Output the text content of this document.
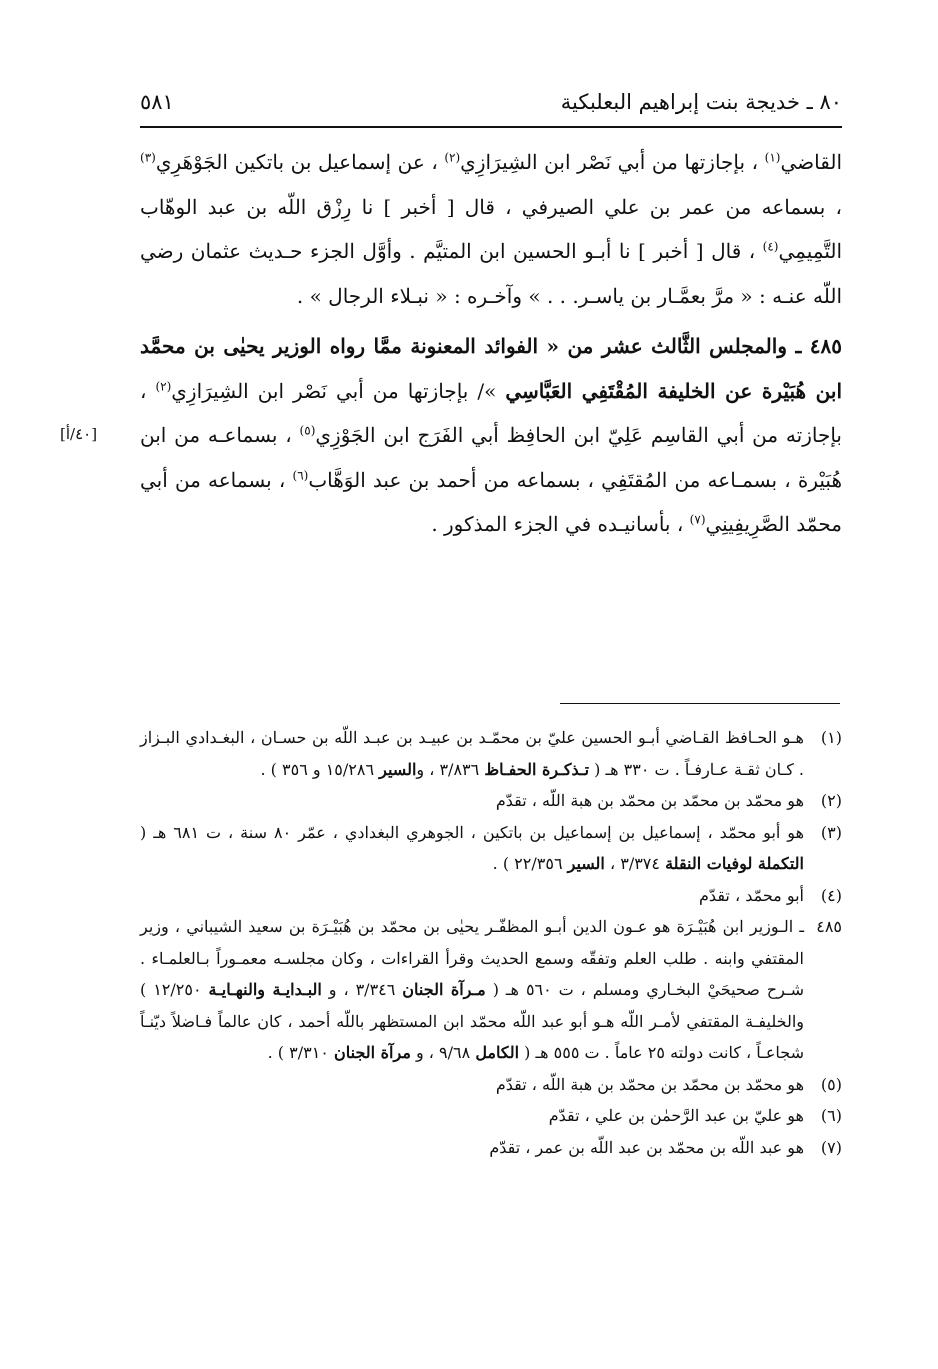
٨٠ ـ خديجة بنت إبراهيم البعلبكية
٥٨١

القاضي$^{(١)}$ ، بإجازتها من أبي نَصْر ابن الشِيرَازِي$^{(٢)}$ ، عن إسماعيل بن باتكين الجَوْهَرِي$^{(٣)}$ ، بسماعه من عمر بن علي الصيرفي ، قال [ أخبر ] نا رِزْق اللّه بن عبد الوهّاب التَّمِيمِي$^{(٤)}$ ، قال [ أخبر ] نا أبـو الحسين ابن المتيَّم . وأوَّل الجزء حـديث عثمان رضي اللّه عنـه : « مرَّ بعمَّـار بن ياسـر. . . » وآخـره : « نبـلاء الرجال » .

٤٨٥ ـ والمجلس الثَّالث عشر من « الفوائد المعنونة ممَّا رواه الوزير يحيٰى بن محمَّد ابن هُبَيْرة عن الخليفة المُقْتَفِي العَبَّاسِي »/ بإجازتها من أبي نَصْر ابن الشِيرَازِي$^{(٢)}$ ، بإجازته من أبي القاسِم عَلِيّ ابن الحافِظ أبي الفَرَج ابن الجَوْزِي$^{(٥)}$ ، بسماعـه من ابن هُبَيْرة ، بسمـاعه من المُقتَفِي ، بسماعه من أحمد بن عبد الوَهَّاب$^{(٦)}$ ، بسماعه من أبي محمّد الصَّرِيفِينِي$^{(٧)}$ ، بأسانيـده في الجزء المذكور .

[٤٠/أ]
(١)
هـو الحـافظ القـاضي أبـو الحسين عليّ بن محمّـد بن عبيـد بن عبـد اللّه بن حسـان ، البغـدادي البـزاز . كـان ثقـة عـارفـاً . ت ٣٣٠ هـ ( تـذكـرة الحفـاظ ٣/٨٣٦ ، والسير ١٥/٢٨٦ و ٣٥٦ ) .
(٢)
هو محمّد بن محمّد بن محمّد بن هبة اللّه ، تقدّم
(٣)
هو أبو محمّد ، إسماعيل بن إسماعيل بن باتكين ، الجوهري البغدادي ، عمّر ٨٠ سنة ، ت ٦٨١ هـ ( التكملة لوفيات النقلة ٣/٣٧٤ ، السير ٢٢/٣٥٦ ) .
(٤)
أبو محمّد ، تقدّم
٤٨٥
ـ الـوزير ابن هُبَيْـرَة هو عـون الدين أبـو المظفّـر يحيٰى بن محمّد بن هُبَيْـرَة بن سعيد الشيباني ، وزير المقتفي وابنه . طلب العلم وتفقّه وسمع الحديث وقرأ القراءات ، وكان مجلسـه معمـوراً بـالعلمـاء . شـرح صحيحَيْ البخـاري ومسلم ، ت ٥٦٠ هـ ( مـرآة الجنان ٣/٣٤٦ ، و البـدايـة والنهـايـة ١٢/٢٥٠ ) والخليفـة المقتفي لأمـر اللّه هـو أبو عبد اللّه محمّد ابن المستظهر باللّه أحمد ، كان عالماً فـاضلاً ديّنـاً شجاعـاً ، كانت دولته ٢٥ عاماً . ت ٥٥٥ هـ ( الكامل ٩/٦٨ ، و مرآة الجنان ٣/٣١٠ ) .
(٥)
هو محمّد بن محمّد بن محمّد بن هبة اللّه ، تقدّم
(٦)
هو عليّ بن عبد الرَّحمٰن بن علي ، تقدّم
(٧)
هو عبد اللّه بن محمّد بن عبد اللّه بن عمر ، تقدّم
